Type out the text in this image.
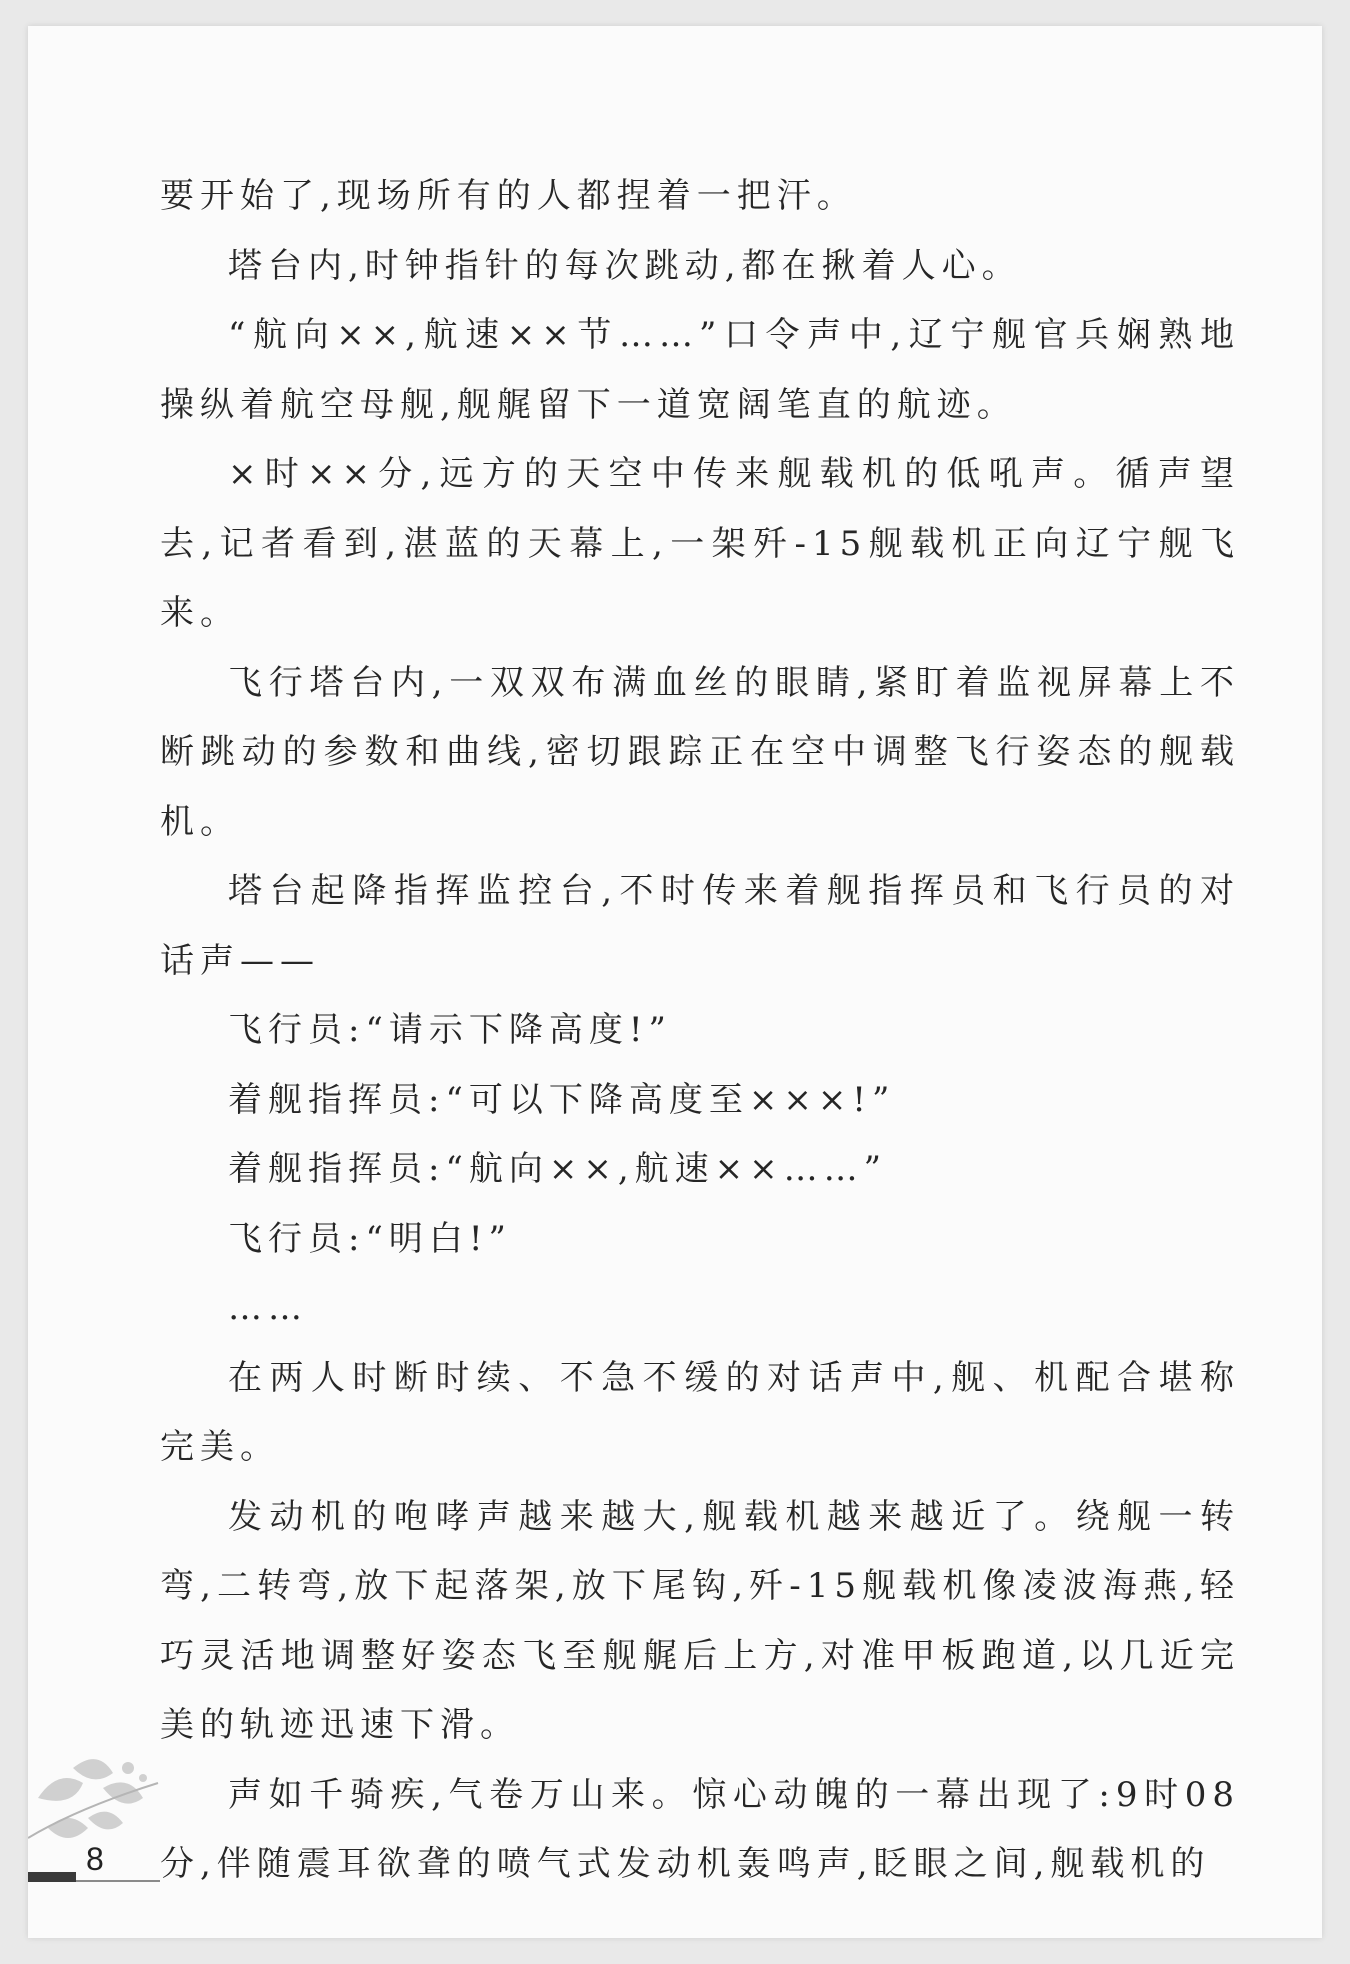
要开始了,现场所有的人都捏着一把汗。

塔台内,时钟指针的每次跳动,都在揪着人心。

“航向××,航速××节……”口令声中,辽宁舰官兵娴熟地操纵着航空母舰,舰艉留下一道宽阔笔直的航迹。

×时××分,远方的天空中传来舰载机的低吼声。循声望去,记者看到,湛蓝的天幕上,一架歼-15舰载机正向辽宁舰飞来。

飞行塔台内,一双双布满血丝的眼睛,紧盯着监视屏幕上不断跳动的参数和曲线,密切跟踪正在空中调整飞行姿态的舰载机。

塔台起降指挥监控台,不时传来着舰指挥员和飞行员的对话声——

飞行员:“请示下降高度!”

着舰指挥员:“可以下降高度至×××!”

着舰指挥员:“航向××,航速××……”

飞行员:“明白!”

……

在两人时断时续、不急不缓的对话声中,舰、机配合堪称完美。

发动机的咆哮声越来越大,舰载机越来越近了。绕舰一转弯,二转弯,放下起落架,放下尾钩,歼-15舰载机像凌波海燕,轻巧灵活地调整好姿态飞至舰艉后上方,对准甲板跑道,以几近完美的轨迹迅速下滑。

声如千骑疾,气卷万山来。惊心动魄的一幕出现了:9时08分,伴随震耳欲聋的喷气式发动机轰鸣声,眨眼之间,舰载机的

8
